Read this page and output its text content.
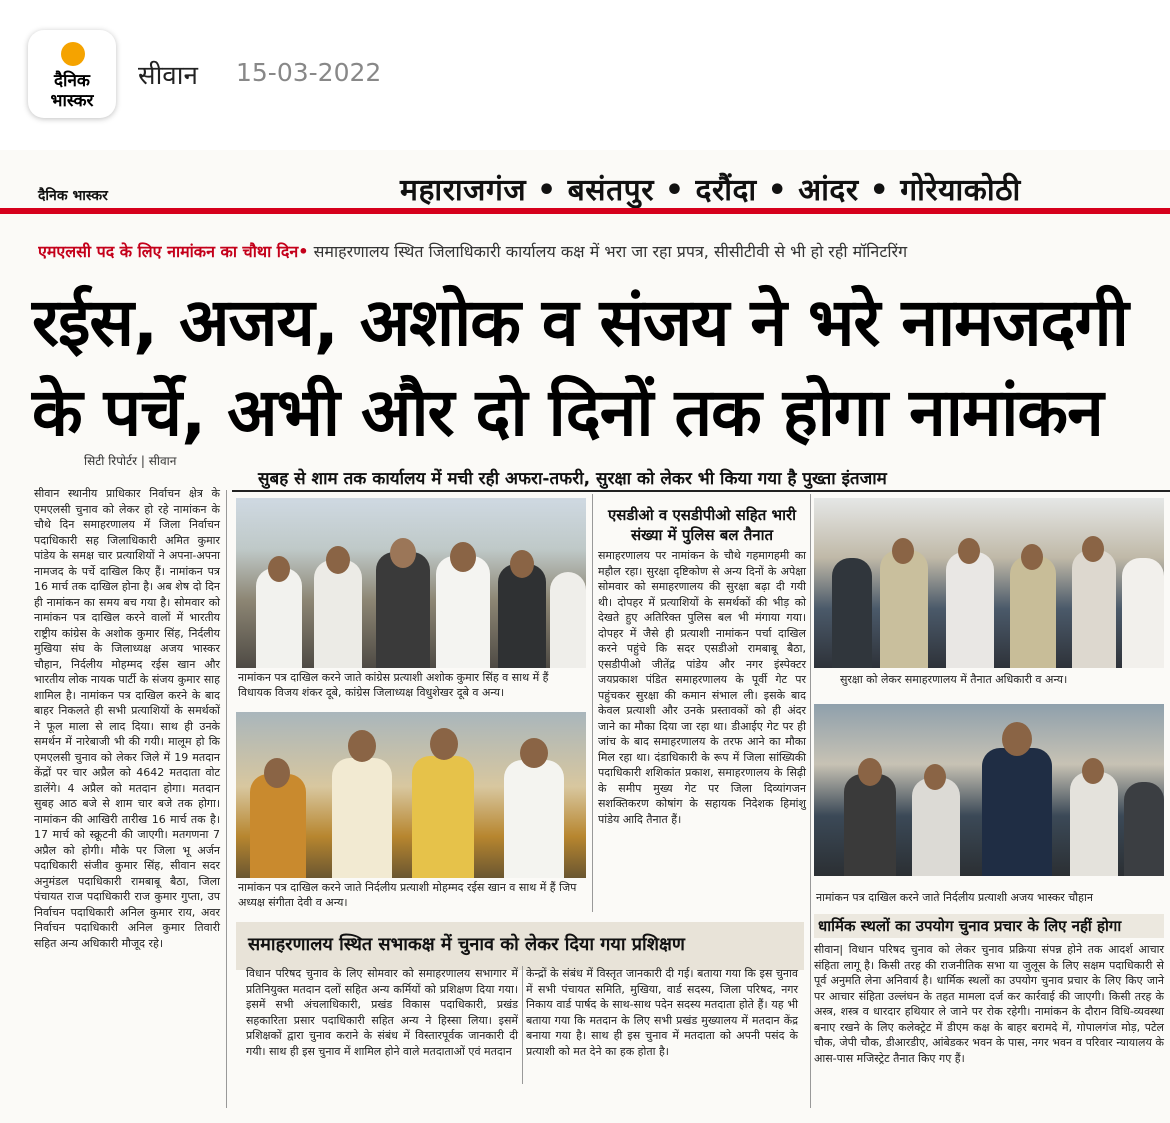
दैनिक
भास्कर
सीवान 15-03-2022
दैनिक भास्कर	महाराजगंज • बसंतपुर • दरौंदा • आंदर • गोरेयाकोठी
एमएलसी पद के लिए नामांकन का चौथा दिन• समाहरणालय स्थित जिलाधिकारी कार्यालय कक्ष में भरा जा रहा प्रपत्र, सीसीटीवी से भी हो रही मॉनिटरिंग
रईस, अजय, अशोक व संजय ने भरे नामजदगी
के पर्चे, अभी और दो दिनों तक होगा नामांकन
सिटी रिपोर्टर | सीवान
सुबह से शाम तक कार्यालय में मची रही अफरा-तफरी, सुरक्षा को लेकर भी किया गया है पुख्ता इंतजाम
सीवान स्थानीय प्राधिकार निर्वाचन क्षेत्र के एमएलसी चुनाव को लेकर हो रहे नामांकन के चौथे दिन समाहरणालय में जिला निर्वाचन पदाधिकारी सह जिलाधिकारी अमित कुमार पांडेय के समक्ष चार प्रत्याशियों ने अपना-अपना नामजद के पर्चे दाखिल किए हैं। नामांकन पत्र 16 मार्च तक दाखिल होना है। अब शेष दो दिन ही नामांकन का समय बच गया है। सोमवार को नामांकन पत्र दाखिल करने वालों में भारतीय राष्ट्रीय कांग्रेस के अशोक कुमार सिंह, निर्दलीय मुखिया संघ के जिलाध्यक्ष अजय भास्कर चौहान, निर्दलीय मोहम्मद रईस खान और भारतीय लोक नायक पार्टी के संजय कुमार साह शामिल है। नामांकन पत्र दाखिल करने के बाद बाहर निकलते ही सभी प्रत्याशियों के समर्थकों ने फूल माला से लाद दिया। साथ ही उनके समर्थन में नारेबाजी भी की गयी। मालूम हो कि एमएलसी चुनाव को लेकर जिले में 19 मतदान केंद्रों पर चार अप्रैल को 4642 मतदाता वोट डालेंगे। 4 अप्रैल को मतदान होगा। मतदान सुबह आठ बजे से शाम चार बजे तक होगा। नामांकन की आखिरी तारीख 16 मार्च तक है। 17 मार्च को स्क्रूटनी की जाएगी। मतगणना 7 अप्रैल को होगी। मौके पर जिला भू अर्जन पदाधिकारी संजीव कुमार सिंह, सीवान सदर अनुमंडल पदाधिकारी रामबाबू बैठा, जिला पंचायत राज पदाधिकारी राज कुमार गुप्ता, उप निर्वाचन पदाधिकारी अनिल कुमार राय, अवर निर्वाचन पदाधिकारी अनिल कुमार तिवारी सहित अन्य अधिकारी मौजूद रहे।
नामांकन पत्र दाखिल करने जाते कांग्रेस प्रत्याशी अशोक कुमार सिंह व साथ में हैं विधायक विजय शंकर दूबे, कांग्रेस जिलाध्यक्ष विधुशेखर दूबे व अन्य।
नामांकन पत्र दाखिल करने जाते निर्दलीय प्रत्याशी मोहम्मद रईस खान व साथ में हैं जिप अध्यक्ष संगीता देवी व अन्य।
एसडीओ व एसडीपीओ सहित भारी संख्या में पुलिस बल तैनात
समाहरणालय पर नामांकन के चौथे गहमागहमी का महौल रहा। सुरक्षा दृष्टिकोण से अन्य दिनों के अपेक्षा सोमवार को समाहरणालय की सुरक्षा बढ़ा दी गयी थी। दोपहर में प्रत्याशियों के समर्थकों की भीड़ को देखते हुए अतिरिक्त पुलिस बल भी मंगाया गया। दोपहर में जैसे ही प्रत्याशी नामांकन पर्चा दाखिल करने पहुंचे कि सदर एसडीओ रामबाबू बैठा, एसडीपीओ जीतेंद्र पांडेय और नगर इंस्पेक्टर जयप्रकाश पंडित समाहरणालय के पूर्वी गेट पर पहुंचकर सुरक्षा की कमान संभाल ली। इसके बाद केवल प्रत्याशी और उनके प्रस्तावकों को ही अंदर जाने का मौका दिया जा रहा था। डीआईए गेट पर ही जांच के बाद समाहरणालय के तरफ आने का मौका मिल रहा था। दंडाधिकारी के रूप में जिला सांख्यिकी पदाधिकारी शशिकांत प्रकाश, समाहरणालय के सिढ़ी के समीप मुख्य गेट पर जिला दिव्यांगजन सशक्तिकरण कोषांग के सहायक निदेशक हिमांशु पांडेय आदि तैनात हैं।
सुरक्षा को लेकर समाहरणालय में तैनात अधिकारी व अन्य।
नामांकन पत्र दाखिल करने जाते निर्दलीय प्रत्याशी अजय भास्कर चौहान
समाहरणालय स्थित सभाकक्ष में चुनाव को लेकर दिया गया प्रशिक्षण
विधान परिषद चुनाव के लिए सोमवार को समाहरणालय सभागार में प्रतिनियुक्त मतदान दलों सहित अन्य कर्मियों को प्रशिक्षण दिया गया। इसमें सभी अंचलाधिकारी, प्रखंड विकास पदाधिकारी, प्रखंड सहकारिता प्रसार पदाधिकारी सहित अन्य ने हिस्सा लिया। इसमें प्रशिक्षकों द्वारा चुनाव कराने के संबंध में विस्तारपूर्वक जानकारी दी गयी। साथ ही इस चुनाव में शामिल होने वाले मतदाताओं एवं मतदान
केन्द्रों के संबंध में विस्तृत जानकारी दी गई। बताया गया कि इस चुनाव में सभी पंचायत समिति, मुखिया, वार्ड सदस्य, जिला परिषद, नगर निकाय वार्ड पार्षद के साथ-साथ पदेन सदस्य मतदाता होते हैं। यह भी बताया गया कि मतदान के लिए सभी प्रखंड मुख्यालय में मतदान केंद्र बनाया गया है। साथ ही इस चुनाव में मतदाता को अपनी पसंद के प्रत्याशी को मत देने का हक होता है।
धार्मिक स्थलों का उपयोग चुनाव प्रचार के लिए नहीं होगा
सीवान| विधान परिषद चुनाव को लेकर चुनाव प्रक्रिया संपन्न होने तक आदर्श आचार संहिता लागू है। किसी तरह की राजनीतिक सभा या जुलूस के लिए सक्षम पदाधिकारी से पूर्व अनुमति लेना अनिवार्य है। धार्मिक स्थलों का उपयोग चुनाव प्रचार के लिए किए जाने पर आचार संहिता उल्लंघन के तहत मामला दर्ज कर कार्रवाई की जाएगी। किसी तरह के अस्त्र, शस्त्र व धारदार हथियार ले जाने पर रोक रहेगी। नामांकन के दौरान विधि-व्यवस्था बनाए रखने के लिए कलेक्ट्रेट में डीएम कक्ष के बाहर बरामदे में, गोपालगंज मोड़, पटेल चौक, जेपी चौक, डीआरडीए, आंबेडकर भवन के पास, नगर भवन व परिवार न्यायालय के आस-पास मजिस्ट्रेट तैनात किए गए हैं।
